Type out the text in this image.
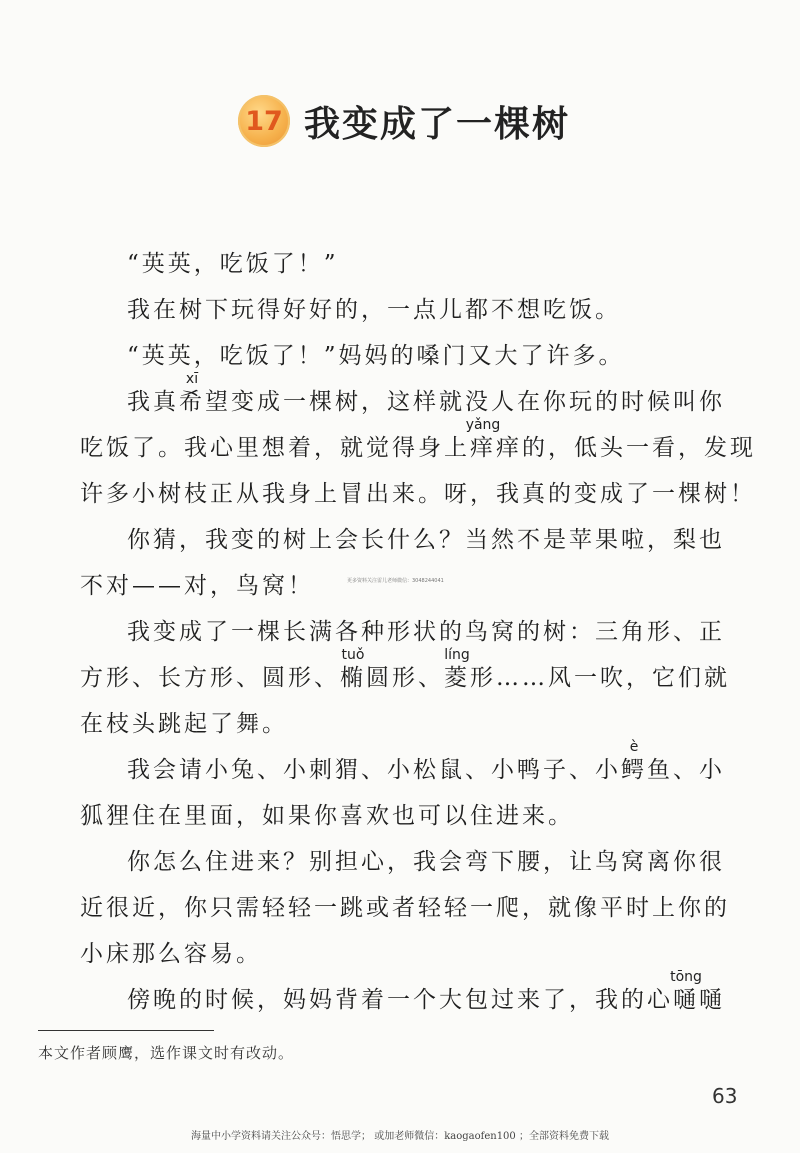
17 我变成了一棵树
“英英，吃饭了！”
我在树下玩得好好的，一点儿都不想吃饭。
“英英，吃饭了！”妈妈的嗓门又大了许多。
我真
xī
希望变成一棵树，这样就没人在你玩的时候叫你
吃饭了。我心里想着，就觉得身上
yǎng
痒痒的，低头一看，发现
许多小树枝正从我身上冒出来。呀，我真的变成了一棵树！
你猜，我变的树上会长什么？当然不是苹果啦，梨也
不对——对，鸟窝！
我变成了一棵长满各种形状的鸟窝的树：三角形、正
方形、长方形、圆形、
tuǒ
椭圆形、
líng
菱形……风一吹，它们就
在枝头跳起了舞。
我会请小兔、小刺猬、小松鼠、小鸭子、小
è
鳄鱼、小
狐狸住在里面，如果你喜欢也可以住进来。
你怎么住进来？别担心，我会弯下腰，让鸟窝离你很
近很近，你只需轻轻一跳或者轻轻一爬，就像平时上你的
小床那么容易。
傍晚的时候，妈妈背着一个大包过来了，我的心
tōng
嗵嗵
更多资料关注雷儿老师微信：3048244041
本文作者顾鹰，选作课文时有改动。
63
海量中小学资料请关注公众号：悟思学； 或加老师微信：kaogaofen100 ；全部资料免费下载
